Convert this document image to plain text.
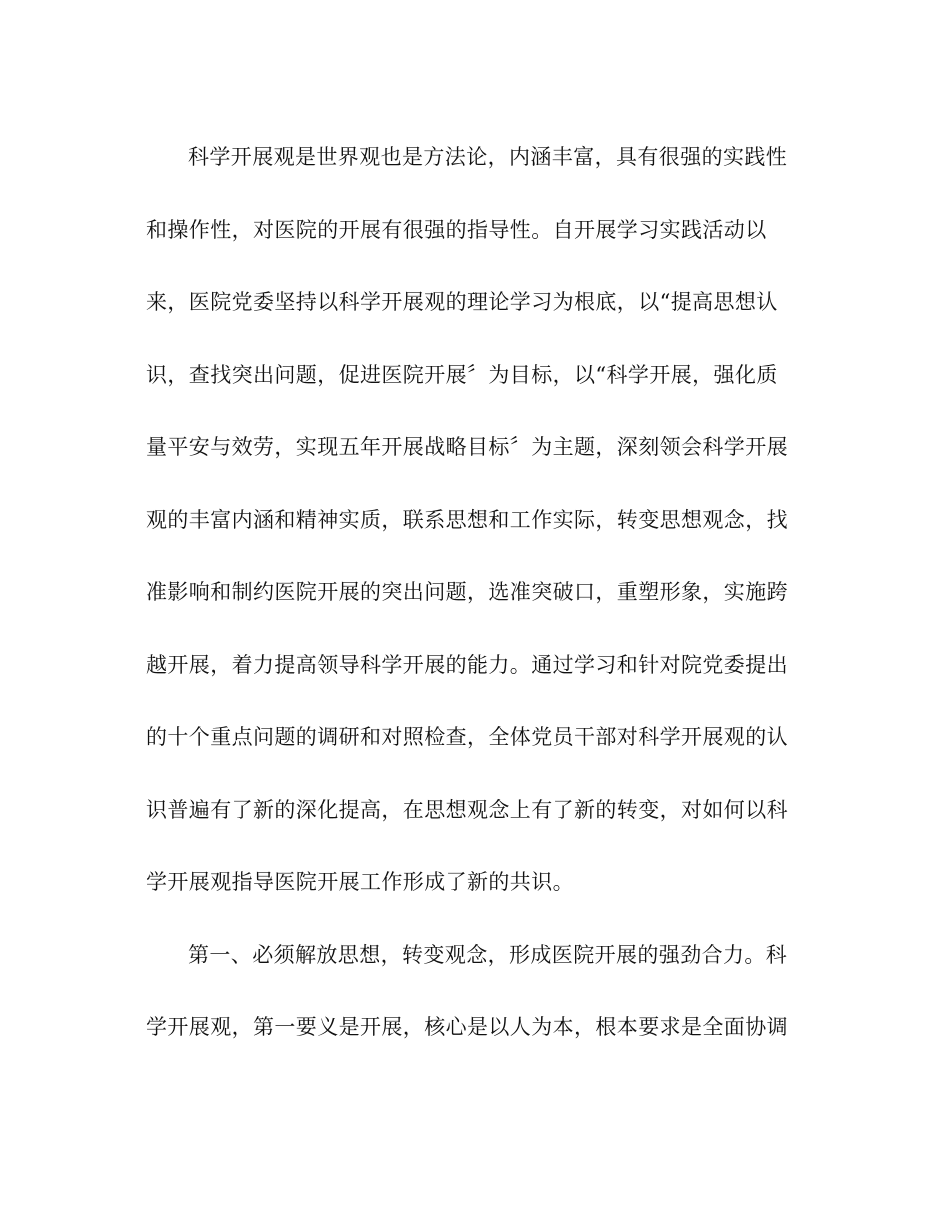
科学开展观是世界观也是方法论，内涵丰富，具有很强的实践性
和操作性，对医院的开展有很强的指导性。自开展学习实践活动以
来，医院党委坚持以科学开展观的理论学习为根底，以“提高思想认
识，查找突出问题，促进医院开展〞为目标，以“科学开展，强化质
量平安与效劳，实现五年开展战略目标〞为主题，深刻领会科学开展
观的丰富内涵和精神实质，联系思想和工作实际，转变思想观念，找
准影响和制约医院开展的突出问题，选准突破口，重塑形象，实施跨
越开展，着力提高领导科学开展的能力。通过学习和针对院党委提出
的十个重点问题的调研和对照检查，全体党员干部对科学开展观的认
识普遍有了新的深化提高，在思想观念上有了新的转变，对如何以科
学开展观指导医院开展工作形成了新的共识。
第一、必须解放思想，转变观念，形成医院开展的强劲合力。科
学开展观，第一要义是开展，核心是以人为本，根本要求是全面协调
